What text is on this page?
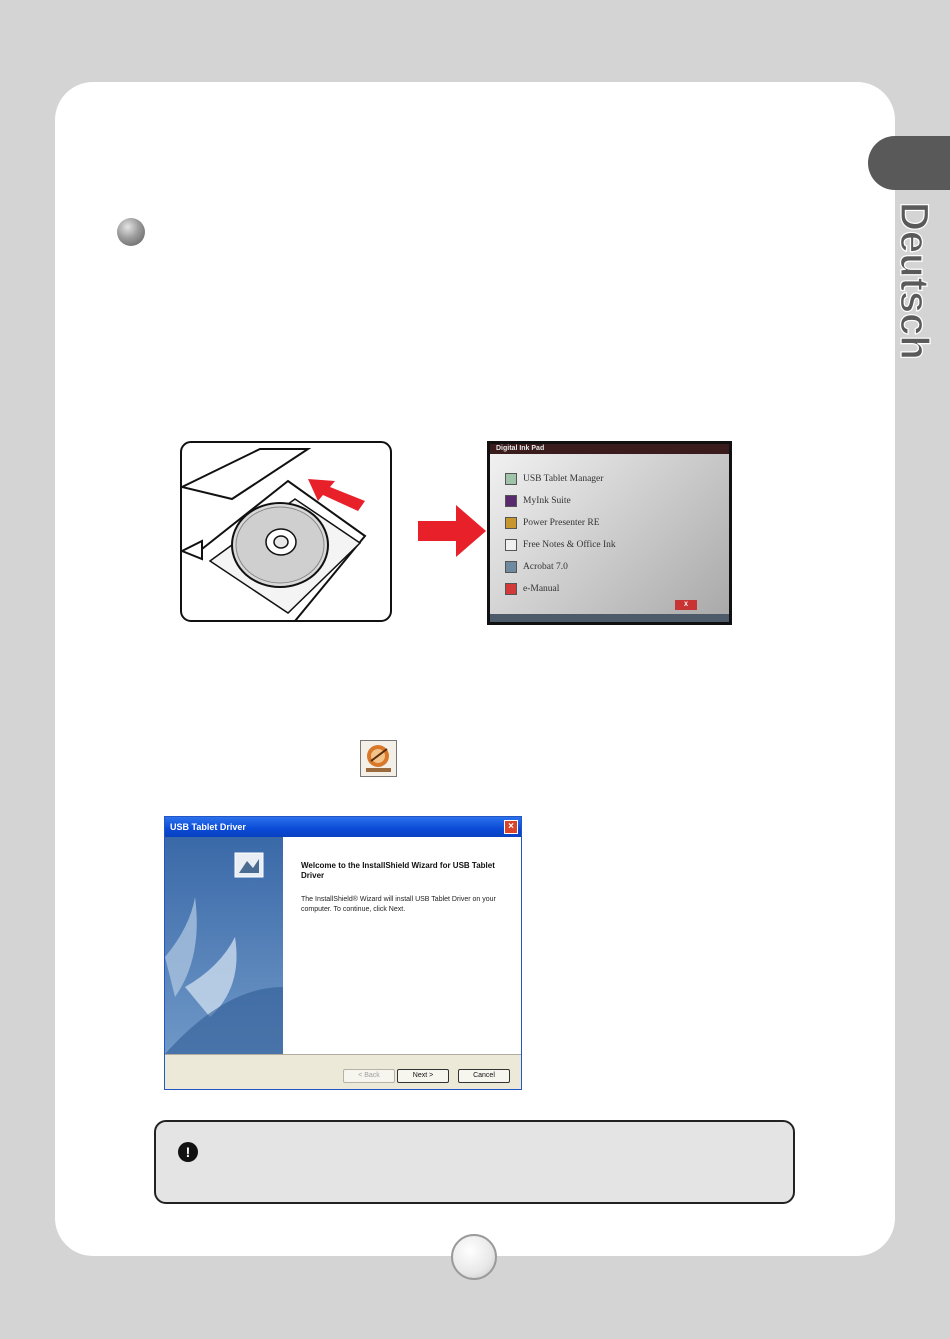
Deutsch
Digital Ink Pad
USB Tablet Manager
MyInk Suite
Power Presenter RE
Free Notes & Office Ink
Acrobat 7.0
e-Manual
X
USB Tablet Driver	×
Welcome to the InstallShield Wizard for USB Tablet Driver
The InstallShield® Wizard will install USB Tablet Driver on your computer. To continue, click Next.
< Back	Next >	Cancel
!
